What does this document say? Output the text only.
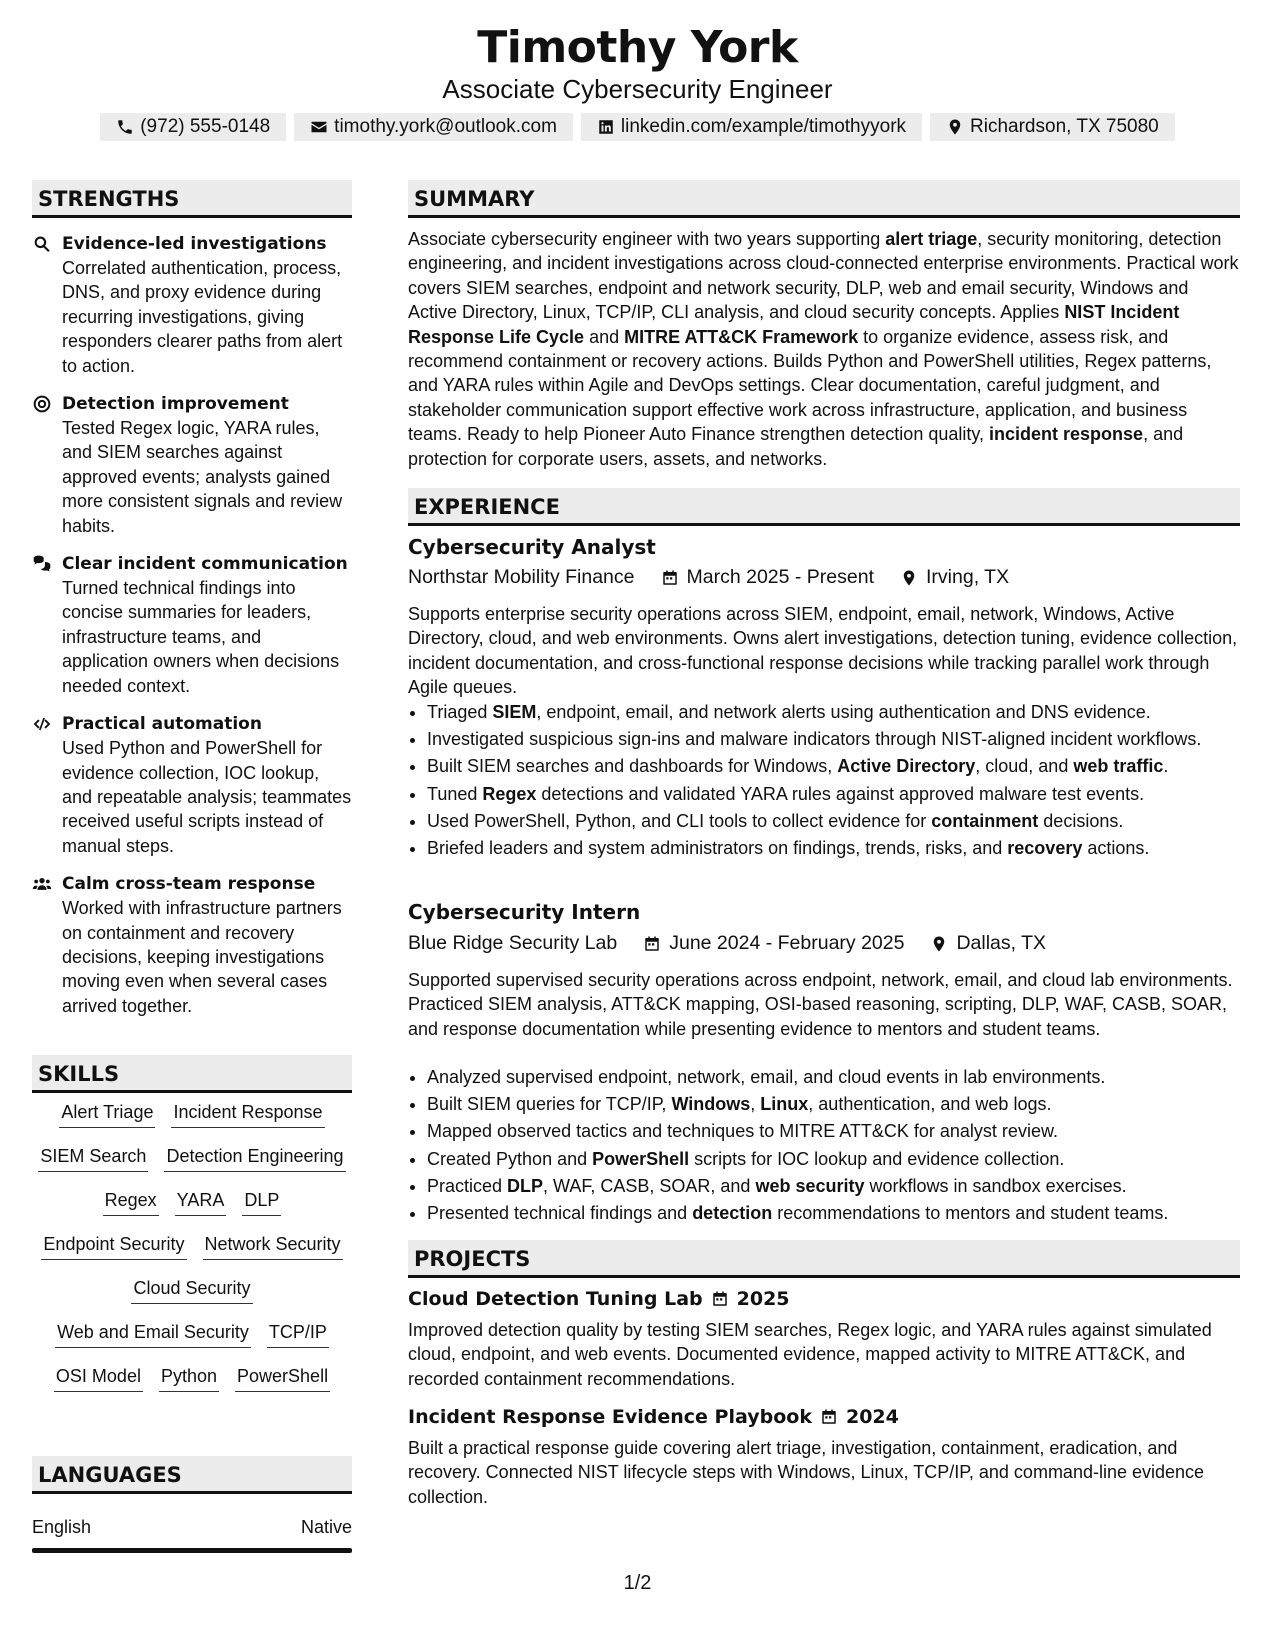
Timothy York
Associate Cybersecurity Engineer
(972) 555-0148	timothy.york@outlook.com	linkedin.com/example/timothyyork	Richardson, TX 75080
STRENGTHS
Evidence-led investigations
Correlated authentication, process, DNS, and proxy evidence during recurring investigations, giving responders clearer paths from alert to action.
Detection improvement
Tested Regex logic, YARA rules, and SIEM searches against approved events; analysts gained more consistent signals and review habits.
Clear incident communication
Turned technical findings into concise summaries for leaders, infrastructure teams, and application owners when decisions needed context.
Practical automation
Used Python and PowerShell for evidence collection, IOC lookup, and repeatable analysis; teammates received useful scripts instead of manual steps.
Calm cross-team response
Worked with infrastructure partners on containment and recovery decisions, keeping investigations moving even when several cases arrived together.
SKILLS
Alert Triage Incident Response
SIEM Search Detection Engineering
Regex YARA DLP
Endpoint Security Network Security
Cloud Security
Web and Email Security TCP/IP
OSI Model Python PowerShell
LANGUAGES
English	Native
SUMMARY
Associate cybersecurity engineer with two years supporting alert triage, security monitoring, detection engineering, and incident investigations across cloud-connected enterprise environments. Practical work covers SIEM searches, endpoint and network security, DLP, web and email security, Windows and Active Directory, Linux, TCP/IP, CLI analysis, and cloud security concepts. Applies NIST Incident Response Life Cycle and MITRE ATT&CK Framework to organize evidence, assess risk, and recommend containment or recovery actions. Builds Python and PowerShell utilities, Regex patterns, and YARA rules within Agile and DevOps settings. Clear documentation, careful judgment, and stakeholder communication support effective work across infrastructure, application, and business teams. Ready to help Pioneer Auto Finance strengthen detection quality, incident response, and protection for corporate users, assets, and networks.
EXPERIENCE
Cybersecurity Analyst
Northstar Mobility Finance	March 2025 - Present	Irving, TX
Supports enterprise security operations across SIEM, endpoint, email, network, Windows, Active Directory, cloud, and web environments. Owns alert investigations, detection tuning, evidence collection, incident documentation, and cross-functional response decisions while tracking parallel work through Agile queues.
• Triaged SIEM, endpoint, email, and network alerts using authentication and DNS evidence.
• Investigated suspicious sign-ins and malware indicators through NIST-aligned incident workflows.
• Built SIEM searches and dashboards for Windows, Active Directory, cloud, and web traffic.
• Tuned Regex detections and validated YARA rules against approved malware test events.
• Used PowerShell, Python, and CLI tools to collect evidence for containment decisions.
• Briefed leaders and system administrators on findings, trends, risks, and recovery actions.
Cybersecurity Intern
Blue Ridge Security Lab	June 2024 - February 2025	Dallas, TX
Supported supervised security operations across endpoint, network, email, and cloud lab environments. Practiced SIEM analysis, ATT&CK mapping, OSI-based reasoning, scripting, DLP, WAF, CASB, SOAR, and response documentation while presenting evidence to mentors and student teams.
• Analyzed supervised endpoint, network, email, and cloud events in lab environments.
• Built SIEM queries for TCP/IP, Windows, Linux, authentication, and web logs.
• Mapped observed tactics and techniques to MITRE ATT&CK for analyst review.
• Created Python and PowerShell scripts for IOC lookup and evidence collection.
• Practiced DLP, WAF, CASB, SOAR, and web security workflows in sandbox exercises.
• Presented technical findings and detection recommendations to mentors and student teams.
PROJECTS
Cloud Detection Tuning Lab 2025
Improved detection quality by testing SIEM searches, Regex logic, and YARA rules against simulated cloud, endpoint, and web events. Documented evidence, mapped activity to MITRE ATT&CK, and recorded containment recommendations.
Incident Response Evidence Playbook 2024
Built a practical response guide covering alert triage, investigation, containment, eradication, and recovery. Connected NIST lifecycle steps with Windows, Linux, TCP/IP, and command-line evidence collection.
1/2
